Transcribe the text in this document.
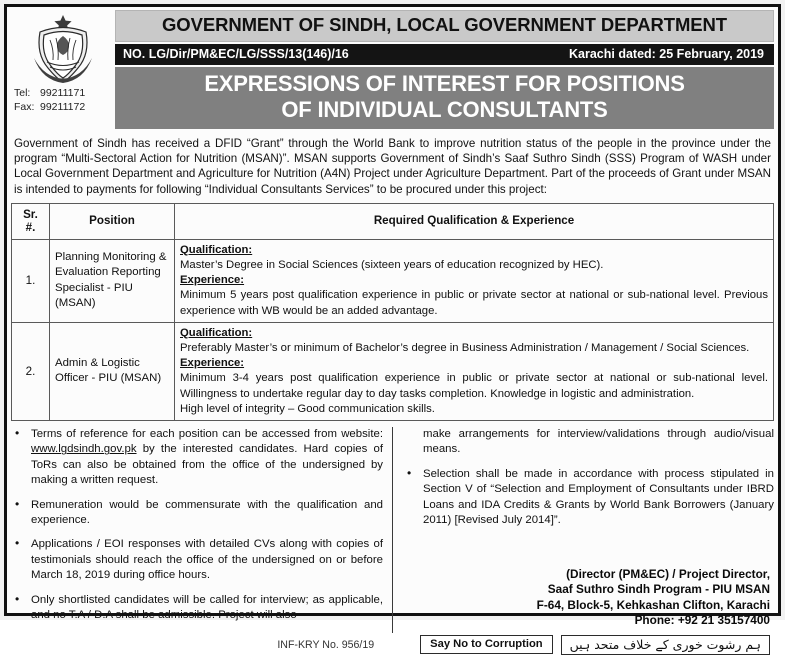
Tel: 99211171
Fax: 99211172
GOVERNMENT OF SINDH, LOCAL GOVERNMENT DEPARTMENT
NO. LG/Dir/PM&EC/LG/SSS/13(146)/16	Karachi dated: 25 February, 2019
EXPRESSIONS OF INTEREST FOR POSITIONS
OF INDIVIDUAL CONSULTANTS
Government of Sindh has received a DFID “Grant” through the World Bank to improve nutrition status of the people in the province under the program “Multi-Sectoral Action for Nutrition (MSAN)”. MSAN supports Government of Sindh’s Saaf Suthro Sindh (SSS) Program of WASH under Local Government Department and Agriculture for Nutrition (A4N) Project under Agriculture Department. Part of the proceeds of Grant under MSAN is intended to payments for following “Individual Consultants Services” to be procured under this project:
Sr. #.	Position	Required Qualification & Experience
1.	Planning Monitoring & Evaluation Reporting Specialist - PIU (MSAN)	Qualification:

Master’s Degree in Social Sciences (sixteen years of education recognized by HEC).

Experience:

Minimum 5 years post qualification experience in public or private sector at national or sub-national level. Previous experience with WB would be an added advantage.

2.	Admin & Logistic Officer - PIU (MSAN)	Qualification:

Preferably Master’s or minimum of Bachelor’s degree in Business Administration / Management / Social Sciences.

Experience:

Minimum 3-4 years post qualification experience in public or private sector at national or sub-national level. Willingness to undertake regular day to day tasks completion. Knowledge in logistic and administration.

High level of integrity – Good communication skills.

• Terms of reference for each position can be accessed from website: www.lgdsindh.gov.pk by the interested candidates. Hard copies of ToRs can also be obtained from the office of the undersigned by making a written request.
• Remuneration would be commensurate with the qualification and experience.
• Applications / EOI responses with detailed CVs along with copies of testimonials should reach the office of the undersigned on or before March 18, 2019 during office hours.
• Only shortlisted candidates will be called for interview; as applicable, and no T.A / D.A shall be admissible. Project will also
make arrangements for interview/validations through audio/visual means.
• Selection shall be made in accordance with process stipulated in Section V of “Selection and Employment of Consultants under IBRD Loans and IDA Credits & Grants by World Bank Borrowers (January 2011) [Revised July 2014]”.
(Director (PM&EC) / Project Director,
Saaf Suthro Sindh Program - PIU MSAN
F-64, Block-5, Kehkashan Clifton, Karachi
Phone: +92 21 35157400
INF-KRY No. 956/19	Say No to Corruption	ہم رشوت خوری کے خلاف متحد ہیں
